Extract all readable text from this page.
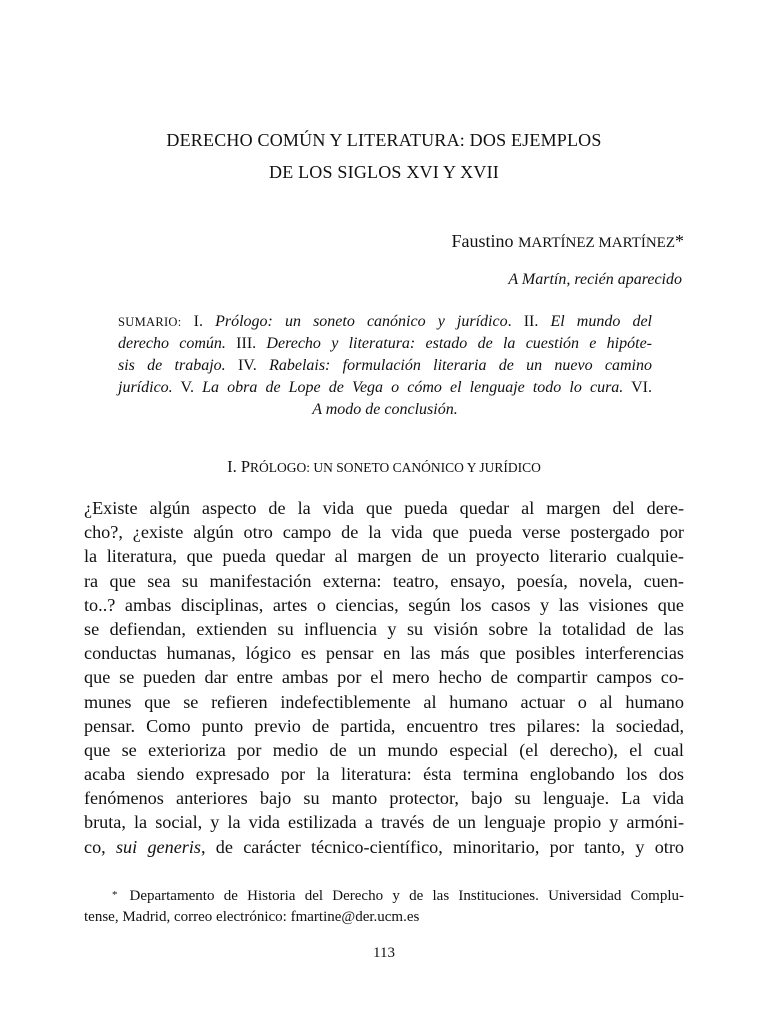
DERECHO COMÚN Y LITERATURA: DOS EJEMPLOS
DE LOS SIGLOS XVI Y XVII
Faustino MARTÍNEZ MARTÍNEZ*
A Martín, recién aparecido
SUMARIO: I. Prólogo: un soneto canónico y jurídico. II. El mundo del
derecho común. III. Derecho y literatura: estado de la cuestión e hipóte-
sis de trabajo. IV. Rabelais: formulación literaria de un nuevo camino
jurídico. V. La obra de Lope de Vega o cómo el lenguaje todo lo cura. VI.
A modo de conclusión.
I. PRÓLOGO: UN SONETO CANÓNICO Y JURÍDICO
¿Existe algún aspecto de la vida que pueda quedar al margen del dere-
cho?, ¿existe algún otro campo de la vida que pueda verse postergado por
la literatura, que pueda quedar al margen de un proyecto literario cualquie-
ra que sea su manifestación externa: teatro, ensayo, poesía, novela, cuen-
to..? ambas disciplinas, artes o ciencias, según los casos y las visiones que
se defiendan, extienden su influencia y su visión sobre la totalidad de las
conductas humanas, lógico es pensar en las más que posibles interferencias
que se pueden dar entre ambas por el mero hecho de compartir campos co-
munes que se refieren indefectiblemente al humano actuar o al humano
pensar. Como punto previo de partida, encuentro tres pilares: la sociedad,
que se exterioriza por medio de un mundo especial (el derecho), el cual
acaba siendo expresado por la literatura: ésta termina englobando los dos
fenómenos anteriores bajo su manto protector, bajo su lenguaje. La vida
bruta, la social, y la vida estilizada a través de un lenguaje propio y armóni-
co, sui generis, de carácter técnico-científico, minoritario, por tanto, y otro
* Departamento de Historia del Derecho y de las Instituciones. Universidad Complu-
tense, Madrid, correo electrónico: fmartine@der.ucm.es
113
